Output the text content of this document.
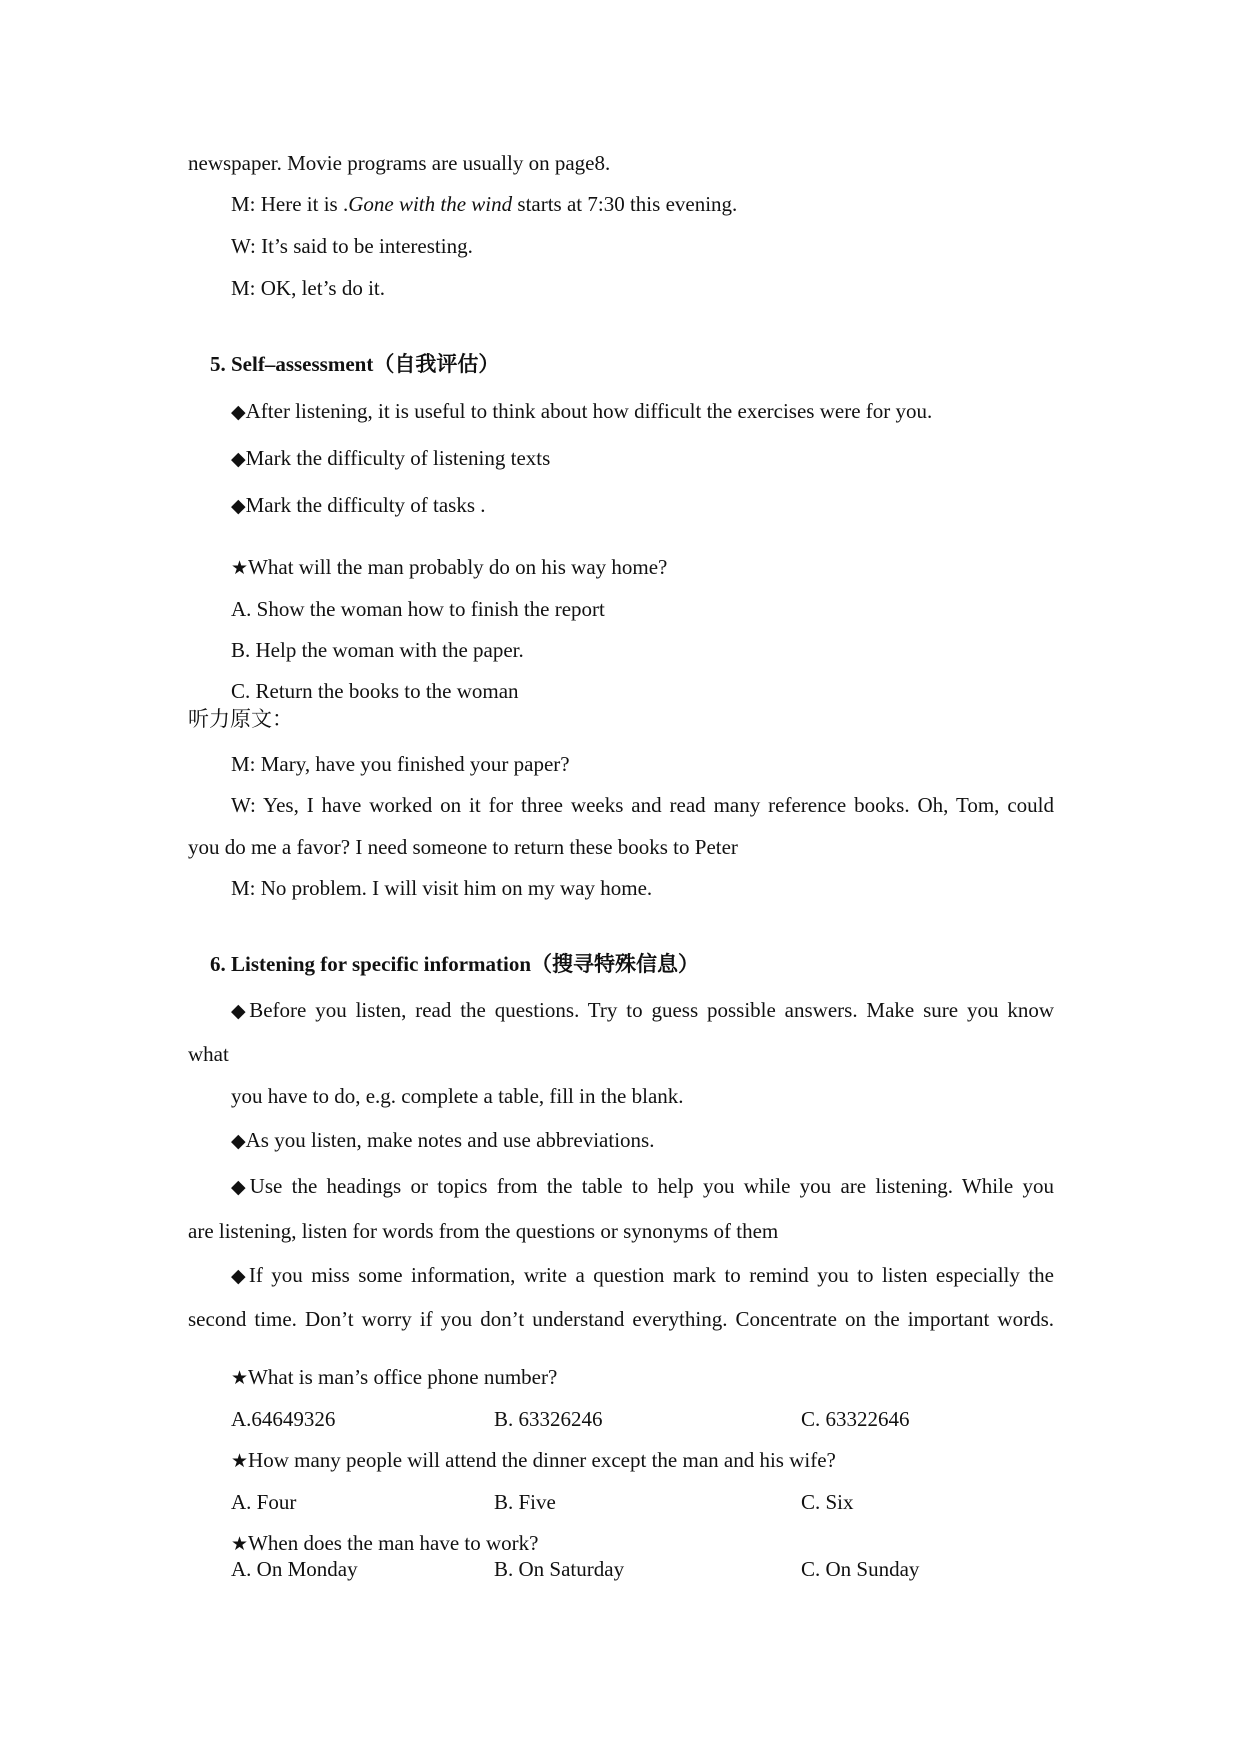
newspaper. Movie programs are usually on page8.
M: Here it is .Gone with the wind starts at 7:30 this evening.
W: It’s said to be interesting.
M: OK, let’s do it.
5. Self–assessment（自我评估）
◆After listening, it is useful to think about how difficult the exercises were for you.
◆Mark the difficulty of listening texts
◆Mark the difficulty of tasks .
★What will the man probably do on his way home?
A. Show the woman how to finish the report
B. Help the woman with the paper.
C. Return the books to the woman
听力原文：
M: Mary, have you finished your paper?
W: Yes, I have worked on it for three weeks and read many reference books. Oh, Tom, could
you do me a favor? I need someone to return these books to Peter
M: No problem. I will visit him on my way home.
6. Listening for specific information（搜寻特殊信息）
◆Before you listen, read the questions. Try to guess possible answers. Make sure you know
what
you have to do, e.g. complete a table, fill in the blank.
◆As you listen, make notes and use abbreviations.
◆Use the headings or topics from the table to help you while you are listening. While you
are listening, listen for words from the questions or synonyms of them
◆If you miss some information, write a question mark to remind you to listen especially the
second time. Don’t worry if you don’t understand everything. Concentrate on the important words.
★What is man’s office phone number?
A.64649326	B. 63326246	C. 63322646
★How many people will attend the dinner except the man and his wife?
A. Four	B. Five	C. Six
★When does the man have to work?
A. On Monday	B. On Saturday	C. On Sunday
